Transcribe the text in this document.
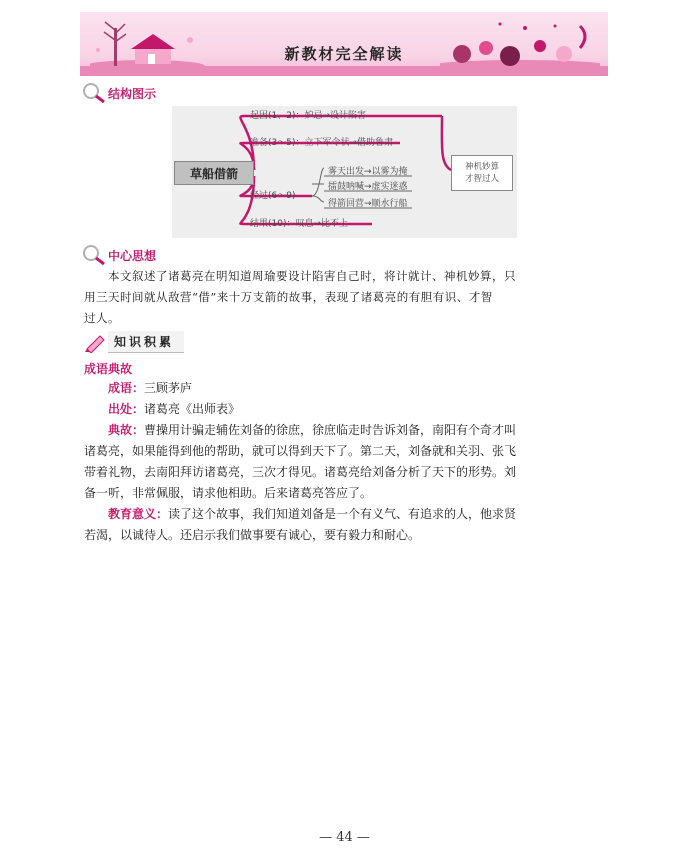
新教材完全解读
结构图示
草船借箭
起因(1、2)：妒忌→设计陷害
准备(3～5)：立下军令状→借助鲁肃
经过(6～9)
结果(10)：叹息→比不上
雾天出发→以雾为掩
擂鼓呐喊→虚实迷惑
得箭回营→顺水行船
神机妙算
才智过人
中心思想
本文叙述了诸葛亮在明知道周瑜要设计陷害自己时，将计就计、神机妙算，只
用三天时间就从敌营“借”来十万支箭的故事，表现了诸葛亮的有胆有识、才智
过人。
知识积累
成语典故
成语：三顾茅庐
出处：诸葛亮《出师表》
典故：曹操用计骗走辅佐刘备的徐庶，徐庶临走时告诉刘备，南阳有个奇才叫
诸葛亮，如果能得到他的帮助，就可以得到天下了。第二天，刘备就和关羽、张飞
带着礼物，去南阳拜访诸葛亮，三次才得见。诸葛亮给刘备分析了天下的形势。刘
备一听，非常佩服，请求他相助。后来诸葛亮答应了。
教育意义：读了这个故事，我们知道刘备是一个有义气、有追求的人，他求贤
若渴，以诚待人。还启示我们做事要有诚心，要有毅力和耐心。
— 44 —
